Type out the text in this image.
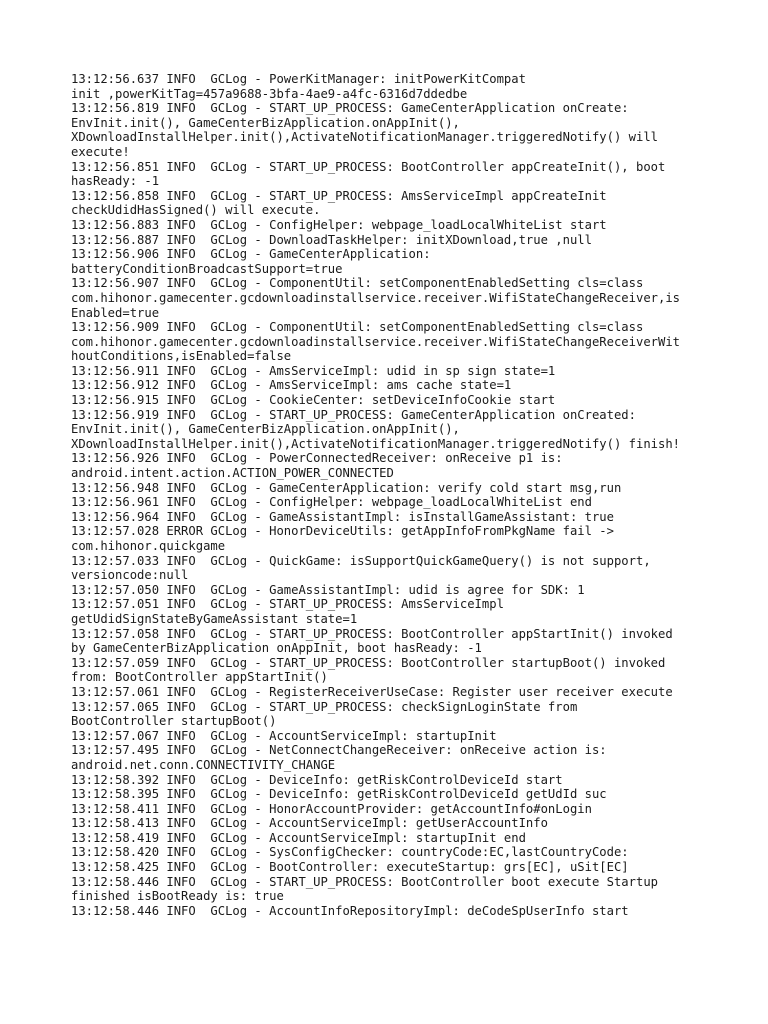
13:12:56.637 INFO  GCLog - PowerKitManager: initPowerKitCompat
init ,powerKitTag=457a9688-3bfa-4ae9-a4fc-6316d7ddedbe
13:12:56.819 INFO  GCLog - START_UP_PROCESS: GameCenterApplication onCreate:
EnvInit.init(), GameCenterBizApplication.onAppInit(),
XDownloadInstallHelper.init(),ActivateNotificationManager.triggeredNotify() will
execute!
13:12:56.851 INFO  GCLog - START_UP_PROCESS: BootController appCreateInit(), boot
hasReady: -1
13:12:56.858 INFO  GCLog - START_UP_PROCESS: AmsServiceImpl appCreateInit
checkUdidHasSigned() will execute.
13:12:56.883 INFO  GCLog - ConfigHelper: webpage_loadLocalWhiteList start
13:12:56.887 INFO  GCLog - DownloadTaskHelper: initXDownload,true ,null
13:12:56.906 INFO  GCLog - GameCenterApplication:
batteryConditionBroadcastSupport=true
13:12:56.907 INFO  GCLog - ComponentUtil: setComponentEnabledSetting cls=class
com.hihonor.gamecenter.gcdownloadinstallservice.receiver.WifiStateChangeReceiver,is
Enabled=true
13:12:56.909 INFO  GCLog - ComponentUtil: setComponentEnabledSetting cls=class
com.hihonor.gamecenter.gcdownloadinstallservice.receiver.WifiStateChangeReceiverWit
houtConditions,isEnabled=false
13:12:56.911 INFO  GCLog - AmsServiceImpl: udid in sp sign state=1
13:12:56.912 INFO  GCLog - AmsServiceImpl: ams cache state=1
13:12:56.915 INFO  GCLog - CookieCenter: setDeviceInfoCookie start
13:12:56.919 INFO  GCLog - START_UP_PROCESS: GameCenterApplication onCreated:
EnvInit.init(), GameCenterBizApplication.onAppInit(),
XDownloadInstallHelper.init(),ActivateNotificationManager.triggeredNotify() finish!
13:12:56.926 INFO  GCLog - PowerConnectedReceiver: onReceive p1 is:
android.intent.action.ACTION_POWER_CONNECTED
13:12:56.948 INFO  GCLog - GameCenterApplication: verify cold start msg,run
13:12:56.961 INFO  GCLog - ConfigHelper: webpage_loadLocalWhiteList end
13:12:56.964 INFO  GCLog - GameAssistantImpl: isInstallGameAssistant: true
13:12:57.028 ERROR GCLog - HonorDeviceUtils: getAppInfoFromPkgName fail ->
com.hihonor.quickgame
13:12:57.033 INFO  GCLog - QuickGame: isSupportQuickGameQuery() is not support,
versioncode:null
13:12:57.050 INFO  GCLog - GameAssistantImpl: udid is agree for SDK: 1
13:12:57.051 INFO  GCLog - START_UP_PROCESS: AmsServiceImpl
getUdidSignStateByGameAssistant state=1
13:12:57.058 INFO  GCLog - START_UP_PROCESS: BootController appStartInit() invoked
by GameCenterBizApplication onAppInit, boot hasReady: -1
13:12:57.059 INFO  GCLog - START_UP_PROCESS: BootController startupBoot() invoked
from: BootController appStartInit()
13:12:57.061 INFO  GCLog - RegisterReceiverUseCase: Register user receiver execute
13:12:57.065 INFO  GCLog - START_UP_PROCESS: checkSignLoginState from
BootController startupBoot()
13:12:57.067 INFO  GCLog - AccountServiceImpl: startupInit
13:12:57.495 INFO  GCLog - NetConnectChangeReceiver: onReceive action is:
android.net.conn.CONNECTIVITY_CHANGE
13:12:58.392 INFO  GCLog - DeviceInfo: getRiskControlDeviceId start
13:12:58.395 INFO  GCLog - DeviceInfo: getRiskControlDeviceId getUdId suc
13:12:58.411 INFO  GCLog - HonorAccountProvider: getAccountInfo#onLogin
13:12:58.413 INFO  GCLog - AccountServiceImpl: getUserAccountInfo
13:12:58.419 INFO  GCLog - AccountServiceImpl: startupInit end
13:12:58.420 INFO  GCLog - SysConfigChecker: countryCode:EC,lastCountryCode:
13:12:58.425 INFO  GCLog - BootController: executeStartup: grs[EC], uSit[EC]
13:12:58.446 INFO  GCLog - START_UP_PROCESS: BootController boot execute Startup
finished isBootReady is: true
13:12:58.446 INFO  GCLog - AccountInfoRepositoryImpl: deCodeSpUserInfo start
